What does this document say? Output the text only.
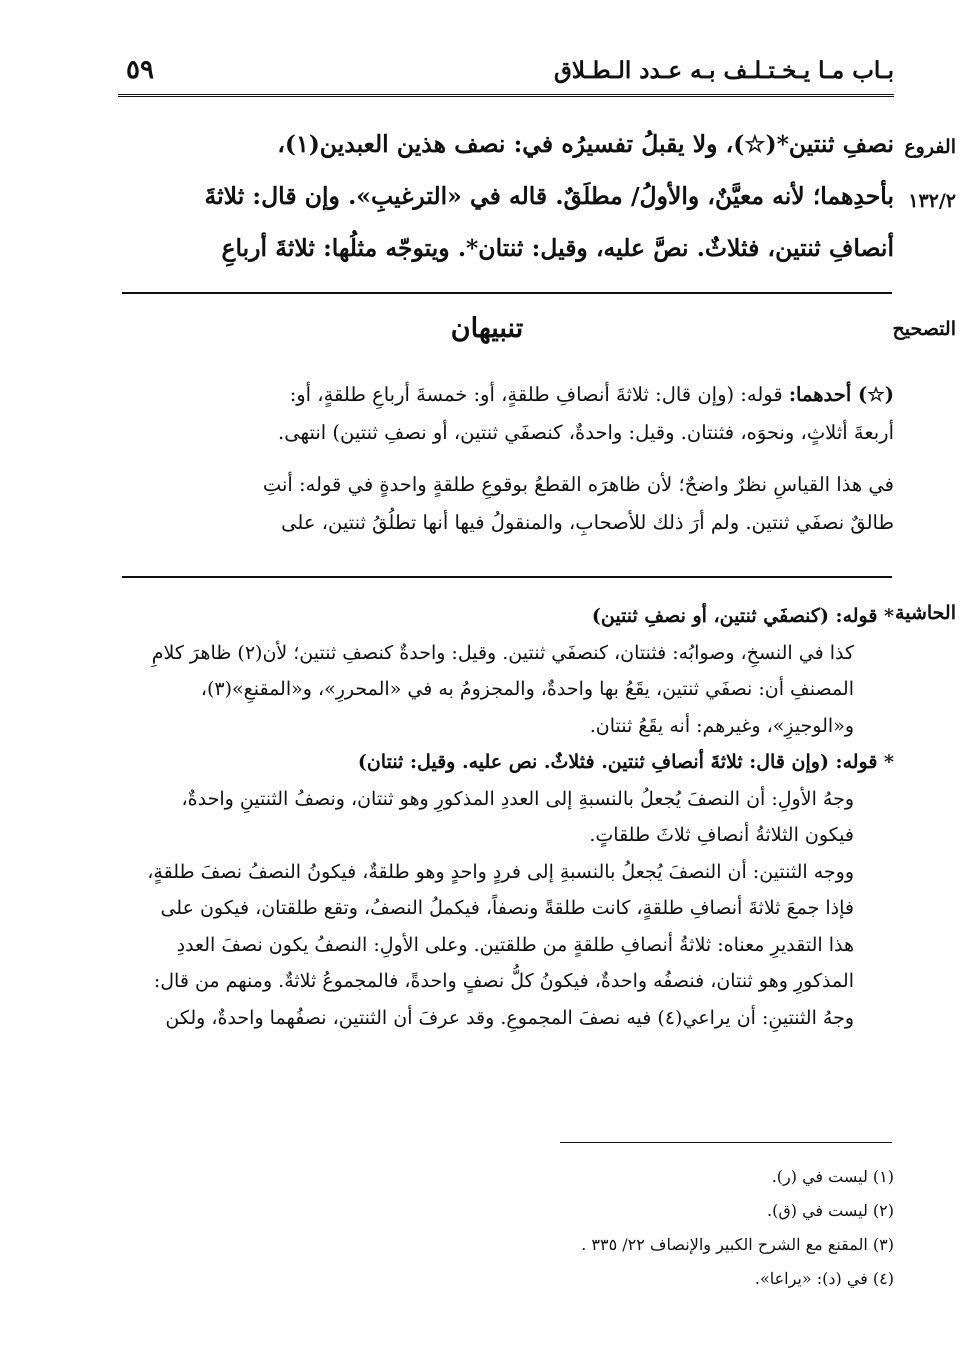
بـاب مـا يـخـتـلـف بـه عـدد الـطـلاق
٥٩
الفروع
١٣٢/٢

نصفِ ثنتين*(☆)، ولا يقبلُ تفسيرُه في: نصف هذين العبدين(١)،

بأحدِهما؛ لأنه معيَّنٌ، والأولُ/ مطلَقٌ. قاله في «الترغيبِ». وإن قال: ثلاثةَ

أنصافِ ثنتين، فثلاثٌ. نصَّ عليه، وقيل: ثنتان*. ويتوجّه مثلُها: ثلاثةَ أرباعِ

التصحيح
تنبيهان

(☆) أحدهما: قوله: (وإن قال: ثلاثةَ أنصافِ طلقةٍ، أو: خمسةَ أرباعِ طلقةٍ، أو:

أربعةَ أثلاثٍ، ونحوَه، فثنتان. وقيل: واحدةٌ، كنصفَي ثنتين، أو نصفِ ثنتين) انتهى.

في هذا القياسِ نظرٌ واضحٌ؛ لأن ظاهرَه القطعُ بوقوعِ طلقةٍ واحدةٍ في قوله: أنتِ

طالقٌ نصفَي ثنتين. ولم أرَ ذلك للأصحابِ، والمنقولُ فيها أنها تطلُقُ ثنتين، على

الحاشية

* قوله: (كنصفَي ثنتين، أو نصفِ ثنتين)

كذا في النسخِ، وصوابُه: فثنتان، كنصفَي ثنتين. وقيل: واحدةٌ كنصفِ ثنتين؛ لأن(٢) ظاهرَ كلامِ

المصنفِ أن: نصفَي ثنتين، يقَعُ بها واحدةٌ، والمجزومُ به في «المحررِ»، و«المقنعِ»(٣)،

و«الوجيزِ»، وغيرهم: أنه يقَعُ ثنتان.

* قوله: (وإن قال: ثلاثةَ أنصافِ ثنتين. فثلاثٌ. نص عليه. وقيل: ثنتان)

وجهُ الأولِ: أن النصفَ يُجعلُ بالنسبةِ إلى العددِ المذكورِ وهو ثنتان، ونصفُ الثنتينِ واحدةٌ،

فيكون الثلاثةُ أنصافِ ثلاثَ طلقاتٍ.

ووجه الثنتين: أن النصفَ يُجعلُ بالنسبةِ إلى فردٍ واحدٍ وهو طلقةٌ، فيكونُ النصفُ نصفَ طلقةٍ،

فإذا جمعَ ثلاثةَ أنصافِ طلقةٍ، كانت طلقةً ونصفاً، فيكملُ النصفُ، وتقع طلقتان، فيكون على

هذا التقديرِ معناه: ثلاثةُ أنصافِ طلقةٍ من طلقتين. وعلى الأولِ: النصفُ يكون نصفَ العددِ

المذكورِ وهو ثنتان، فنصفُه واحدةٌ، فيكونُ كلُّ نصفٍ واحدةً، فالمجموعُ ثلاثةٌ. ومنهم من قال:

وجهُ الثنتينِ: أن يراعي(٤) فيه نصفَ المجموعِ. وقد عرفَ أن الثنتين، نصفُهما واحدةٌ، ولكن

(١) ليست في (ر).

(٢) ليست في (ق).

(٣) المقنع مع الشرح الكبير والإنصاف ٢٢/ ٣٣٥ .

(٤) في (د): «يراعا».
